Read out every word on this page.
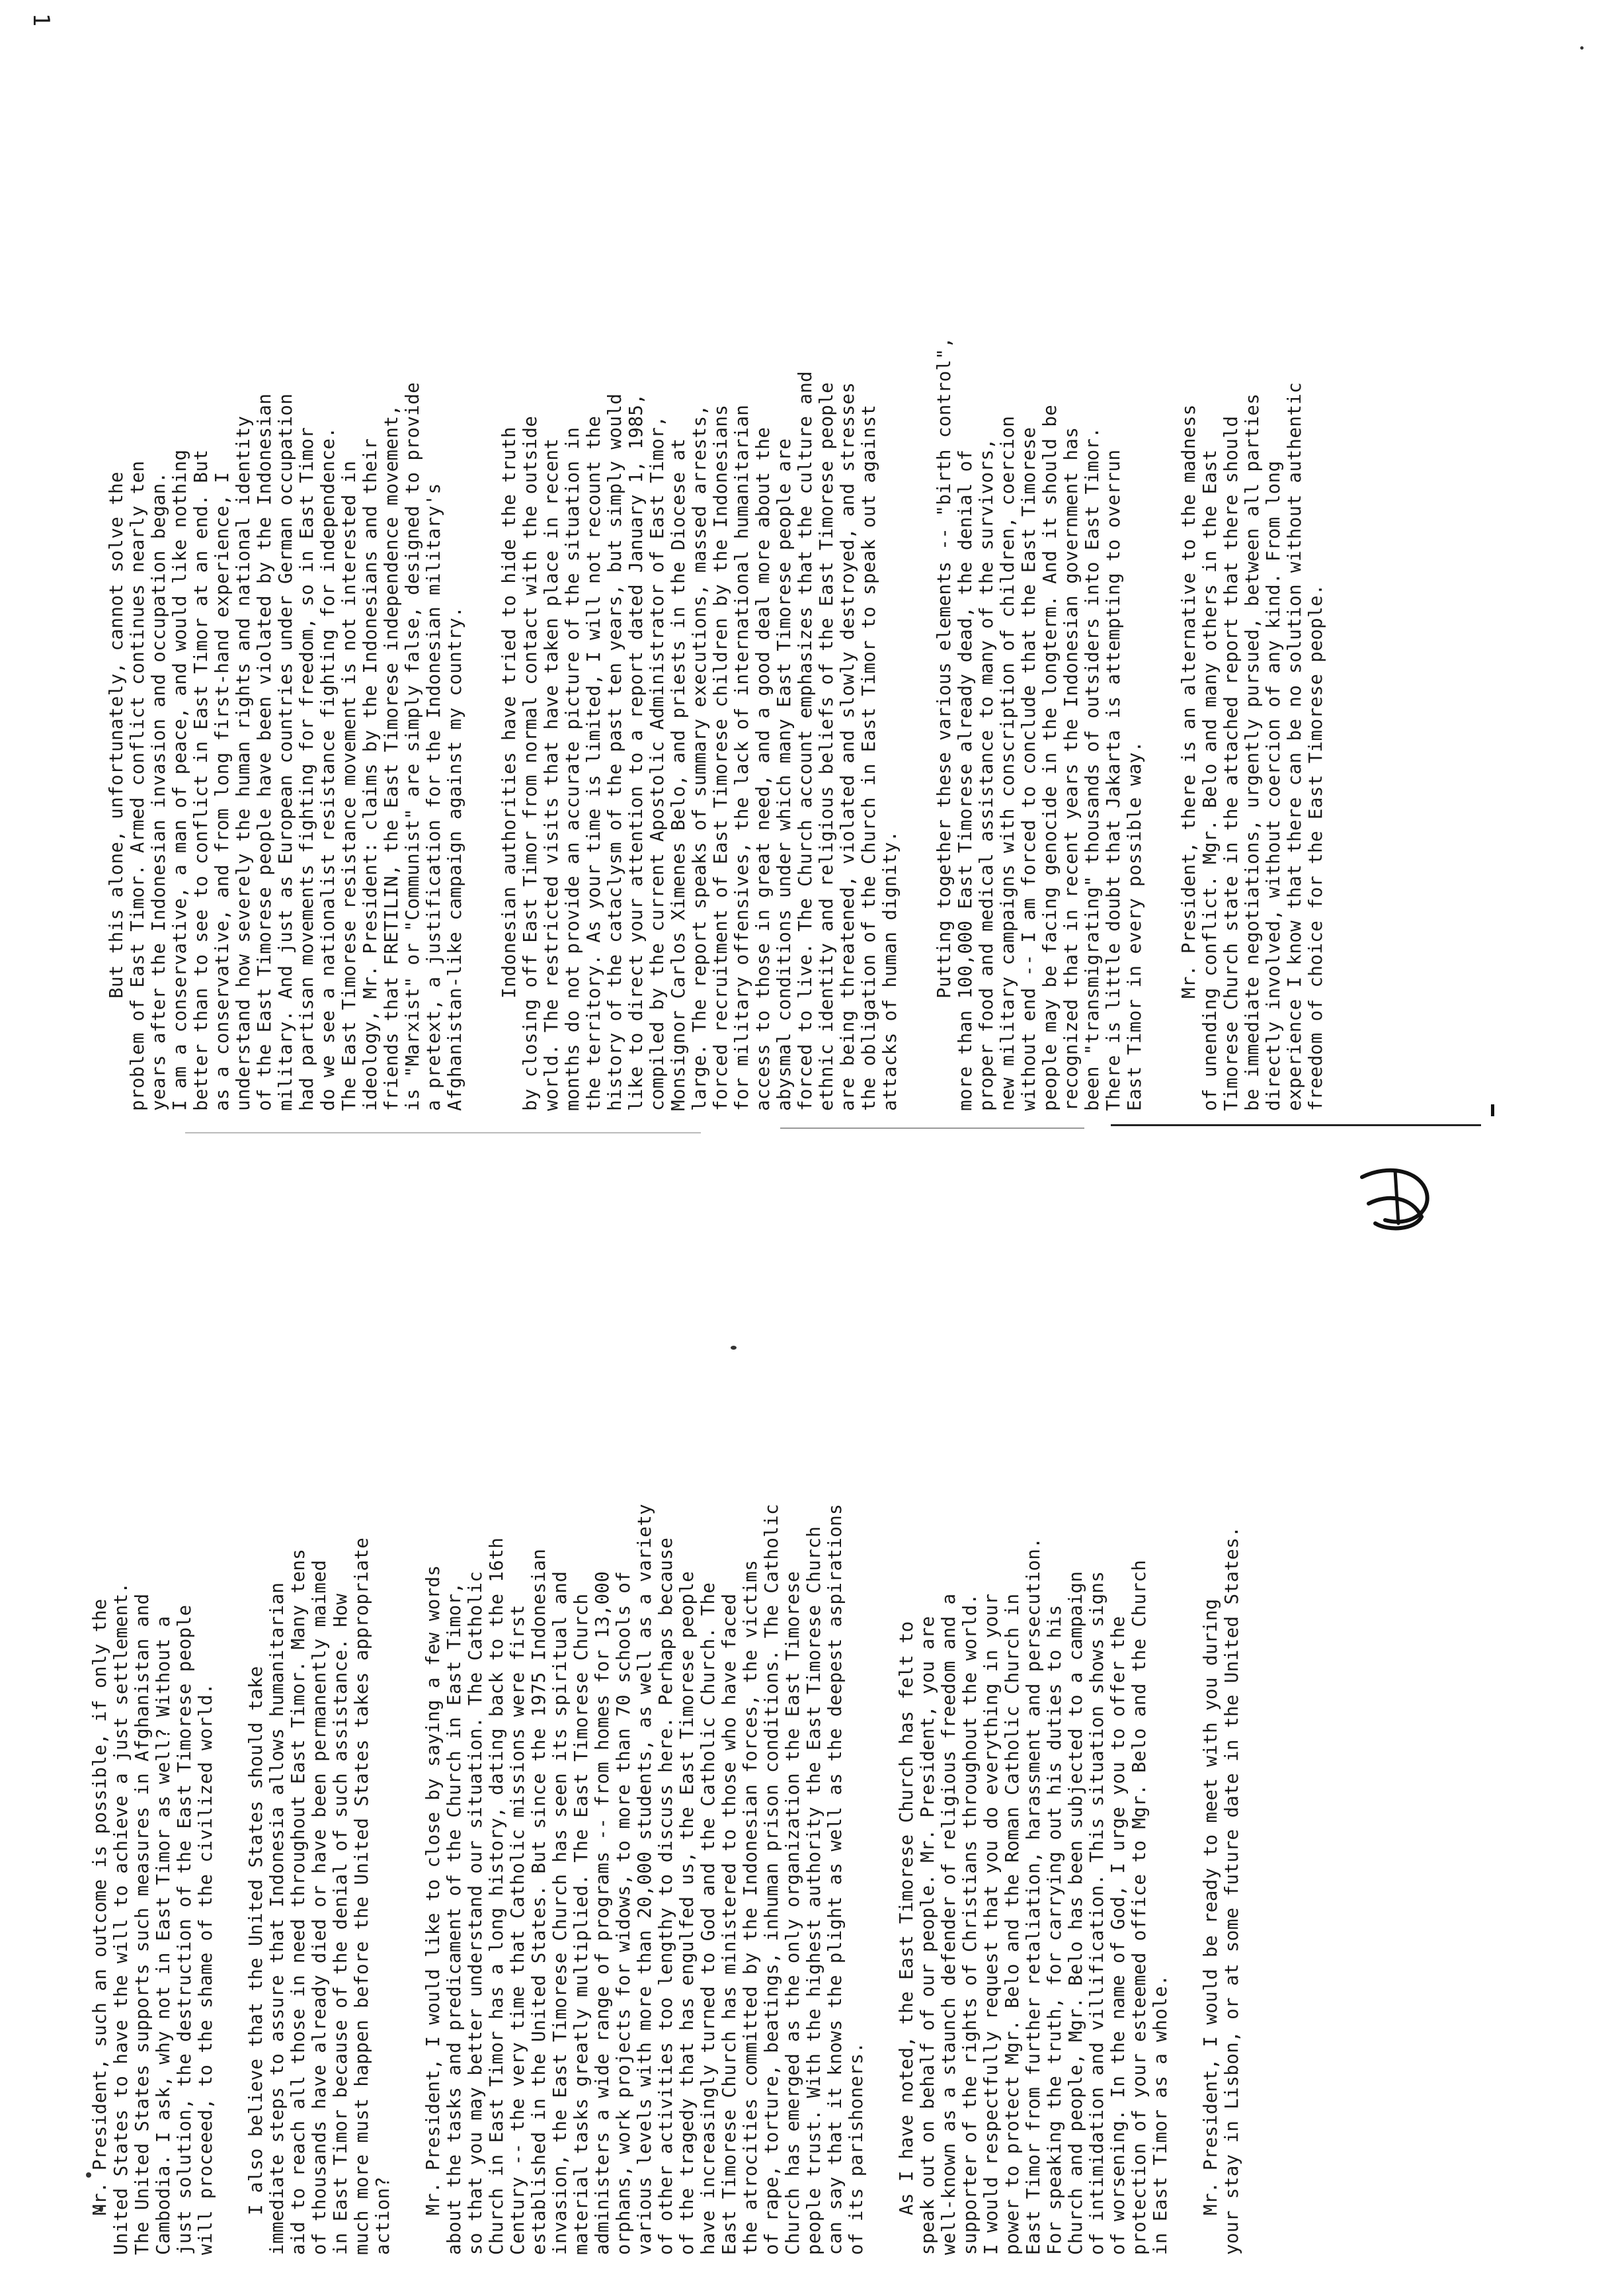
1

But this alone, unfortunately, cannot solve the
problem of East Timor. Armed conflict continues nearly ten
years after the Indonesian invasion and occupation began.
I am a conservative, a man of peace, and would like nothing
better than to see to conflict in East Timor at an end. But
as a conservative, and from long first-hand experience, I
understand how severely the human rights and national identity
of the East Timorese people have been violated by the Indonesian
military. And just as European countries under German occupation
had partisan movements fighting for freedom, so in East Timor
do we see a nationalist resistance fighting for independence.
The East Timorese resistance movement is not interested in
ideology, Mr. President: claims by the Indonesians and their
friends that FRETILIN, the East Timorese independence movement,
is "Marxist" or "Communist" are simply false, designed to provide
a pretext, a justification for the Indonesian military's
Afghanistan-like campaign against my country.

Indonesian authorities have tried to hide the truth
by closing off East Timor from normal contact with the outside
world. The restricted visits that have taken place in recent
months do not provide an accurate picture of the situation in
the territory. As your time is limited, I will not recount the
history of the cataclysm of the past ten years, but simply would
like to direct your attention to a report dated January 1, 1985,
compiled by the current Apostolic Administrator of East Timor,
Monsignor Carlos Ximenes Belo, and priests in the Diocese at
large. The report speaks of summary executions, massed arrests,
forced recruitment of East Timorese children by the Indonesians
for military offensives, the lack of international humanitarian
access to those in great need, and a good deal more about the
abysmal conditions under which many East Timorese people are
forced to live. The Church account emphasizes that the culture and
ethnic identity and religious beliefs of the East Timorese people
are being threatened, violated and slowly destroyed, and stresses
the obligation of the Church in East Timor to speak out against
attacks of human dignity.

Putting together these various elements -- "birth control",
more than 100,000 East Timorese already dead, the denial of
proper food and medical assistance to many of the survivors,
new military campaigns with conscription of children, coercion
without end -- I am forced to conclude that the East Timorese
people may be facing genocide in the longterm. And it should be
recognized that in recent years the Indonesian government has
been "transmigrating" thousands of outsiders into East Timor.
There is little doubt that Jakarta is attempting to overrun
East Timor in every possible way.

Mr. President, there is an alternative to the madness
of unending conflict. Mgr. Belo and many others in the East
Timorese Church state in the attached report that there should
be immediate negotiations, urgently pursued, between all parties
directly involved, without coercion of any kind. From long
experience I know that there can be no solution without authentic
freedom of choice for the East Timorese people.

Mr. President, such an outcome is possible, if only the
United States to have the will to achieve a just settlement.
The United States supports such measures in Afghanistan and
Cambodia. I ask, why not in East Timor as well? Without a
just solution, the destruction of the East Timorese people
will proceeed, to the shame of the civilized world.

I also believe that the United States should take
immediate steps to assure that Indonesia allows humanitarian
aid to reach all those in need throughout East Timor. Many tens
of thousands have already died or have been permanently maimed
in East Timor because of the denial of such assistance. How
much more must happen before the United States takes appropriate
action? Mr. President, I would like to close by saying a few words
about the tasks and predicament of the Church in East Timor,
so that you may better understand our situation. The Catholic
Church in East Timor has a long history, dating back to the 16th
Century -- the very time that Catholic missions were first
established in the United States. But since the 1975 Indonesian
invasion, the East Timorese Church has seen its spiritual and
material tasks greatly multiplied. The East Timorese Church
administers a wide range of programs -- from homes for 13,000
orphans, work projects for widows, to more than 70 schools of
various levels with more than 20,000 students, as well as a variety
of other activities too lengthy to discuss here. Perhaps because
of the tragedy that has engulfed us, the East Timorese people
have increasingly turned to God and the Catholic Church. The
East Timorese Church has ministered to those who have faced
the atrocities committed by the Indonesian forces, the victims
of rape, torture, beatings, inhuman prison conditions. The Catholic
Church has emerged as the only organization the East Timorese
people trust. With the highest authority the East Timorese Church
can say that it knows the plight as well as the deepest aspirations
of its parishoners.

As I have noted, the East Timorese Church has felt to
speak out on behalf of our people. Mr. President, you are
well-known as a staunch defender of religious freedom and a
supporter of the rights of Christians throughout the world.
I would respectfully request that you do everything in your
power to protect Mgr. Belo and the Roman Catholic Church in
East Timor from further retaliation, harassment and persecution.
For speaking the truth, for carrying out his duties to his
Church and people, Mgr. Belo has been subjected to a campaign
of intimidation and villification. This situation shows signs
of worsening. In the name of God, I urge you to offer the
protection of your esteemed office to Mgr. Belo and the Church
in East Timor as a whole.

Mr. President, I would be ready to meet with you during
your stay in Lisbon, or at some future date in the United States.
